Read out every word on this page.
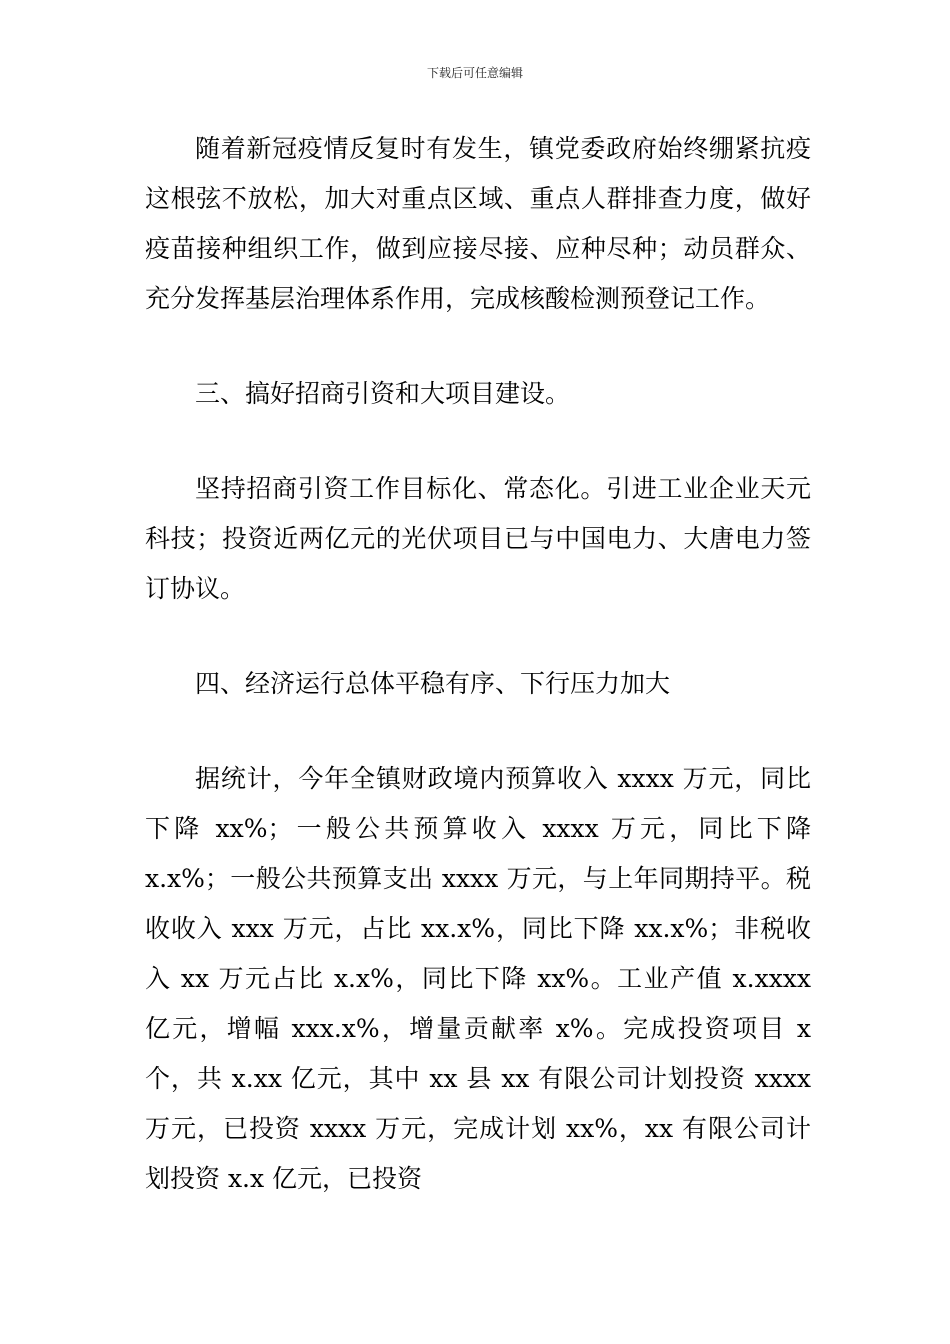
下载后可任意编辑

随着新冠疫情反复时有发生，镇党委政府始终绷紧抗疫这根弦不放松，加大对重点区域、重点人群排查力度，做好疫苗接种组织工作，做到应接尽接、应种尽种；动员群众、充分发挥基层治理体系作用，完成核酸检测预登记工作。

三、搞好招商引资和大项目建设。

坚持招商引资工作目标化、常态化。引进工业企业天元科技；投资近两亿元的光伏项目已与中国电力、大唐电力签订协议。

四、经济运行总体平稳有序、下行压力加大

据统计，今年全镇财政境内预算收入 xxxx 万元，同比下降 xx%；一般公共预算收入 xxxx 万元，同比下降 x.x%；一般公共预算支出 xxxx 万元，与上年同期持平。税收收入 xxx 万元，占比 xx.x%，同比下降 xx.x%；非税收入 xx 万元占比 x.x%，同比下降 xx%。工业产值 x.xxxx 亿元，增幅 xxx.x%，增量贡献率 x%。完成投资项目 x 个，共 x.xx 亿元，其中 xx 县 xx 有限公司计划投资 xxxx 万元，已投资 xxxx 万元，完成计划 xx%，xx 有限公司计划投资 x.x 亿元，已投资
